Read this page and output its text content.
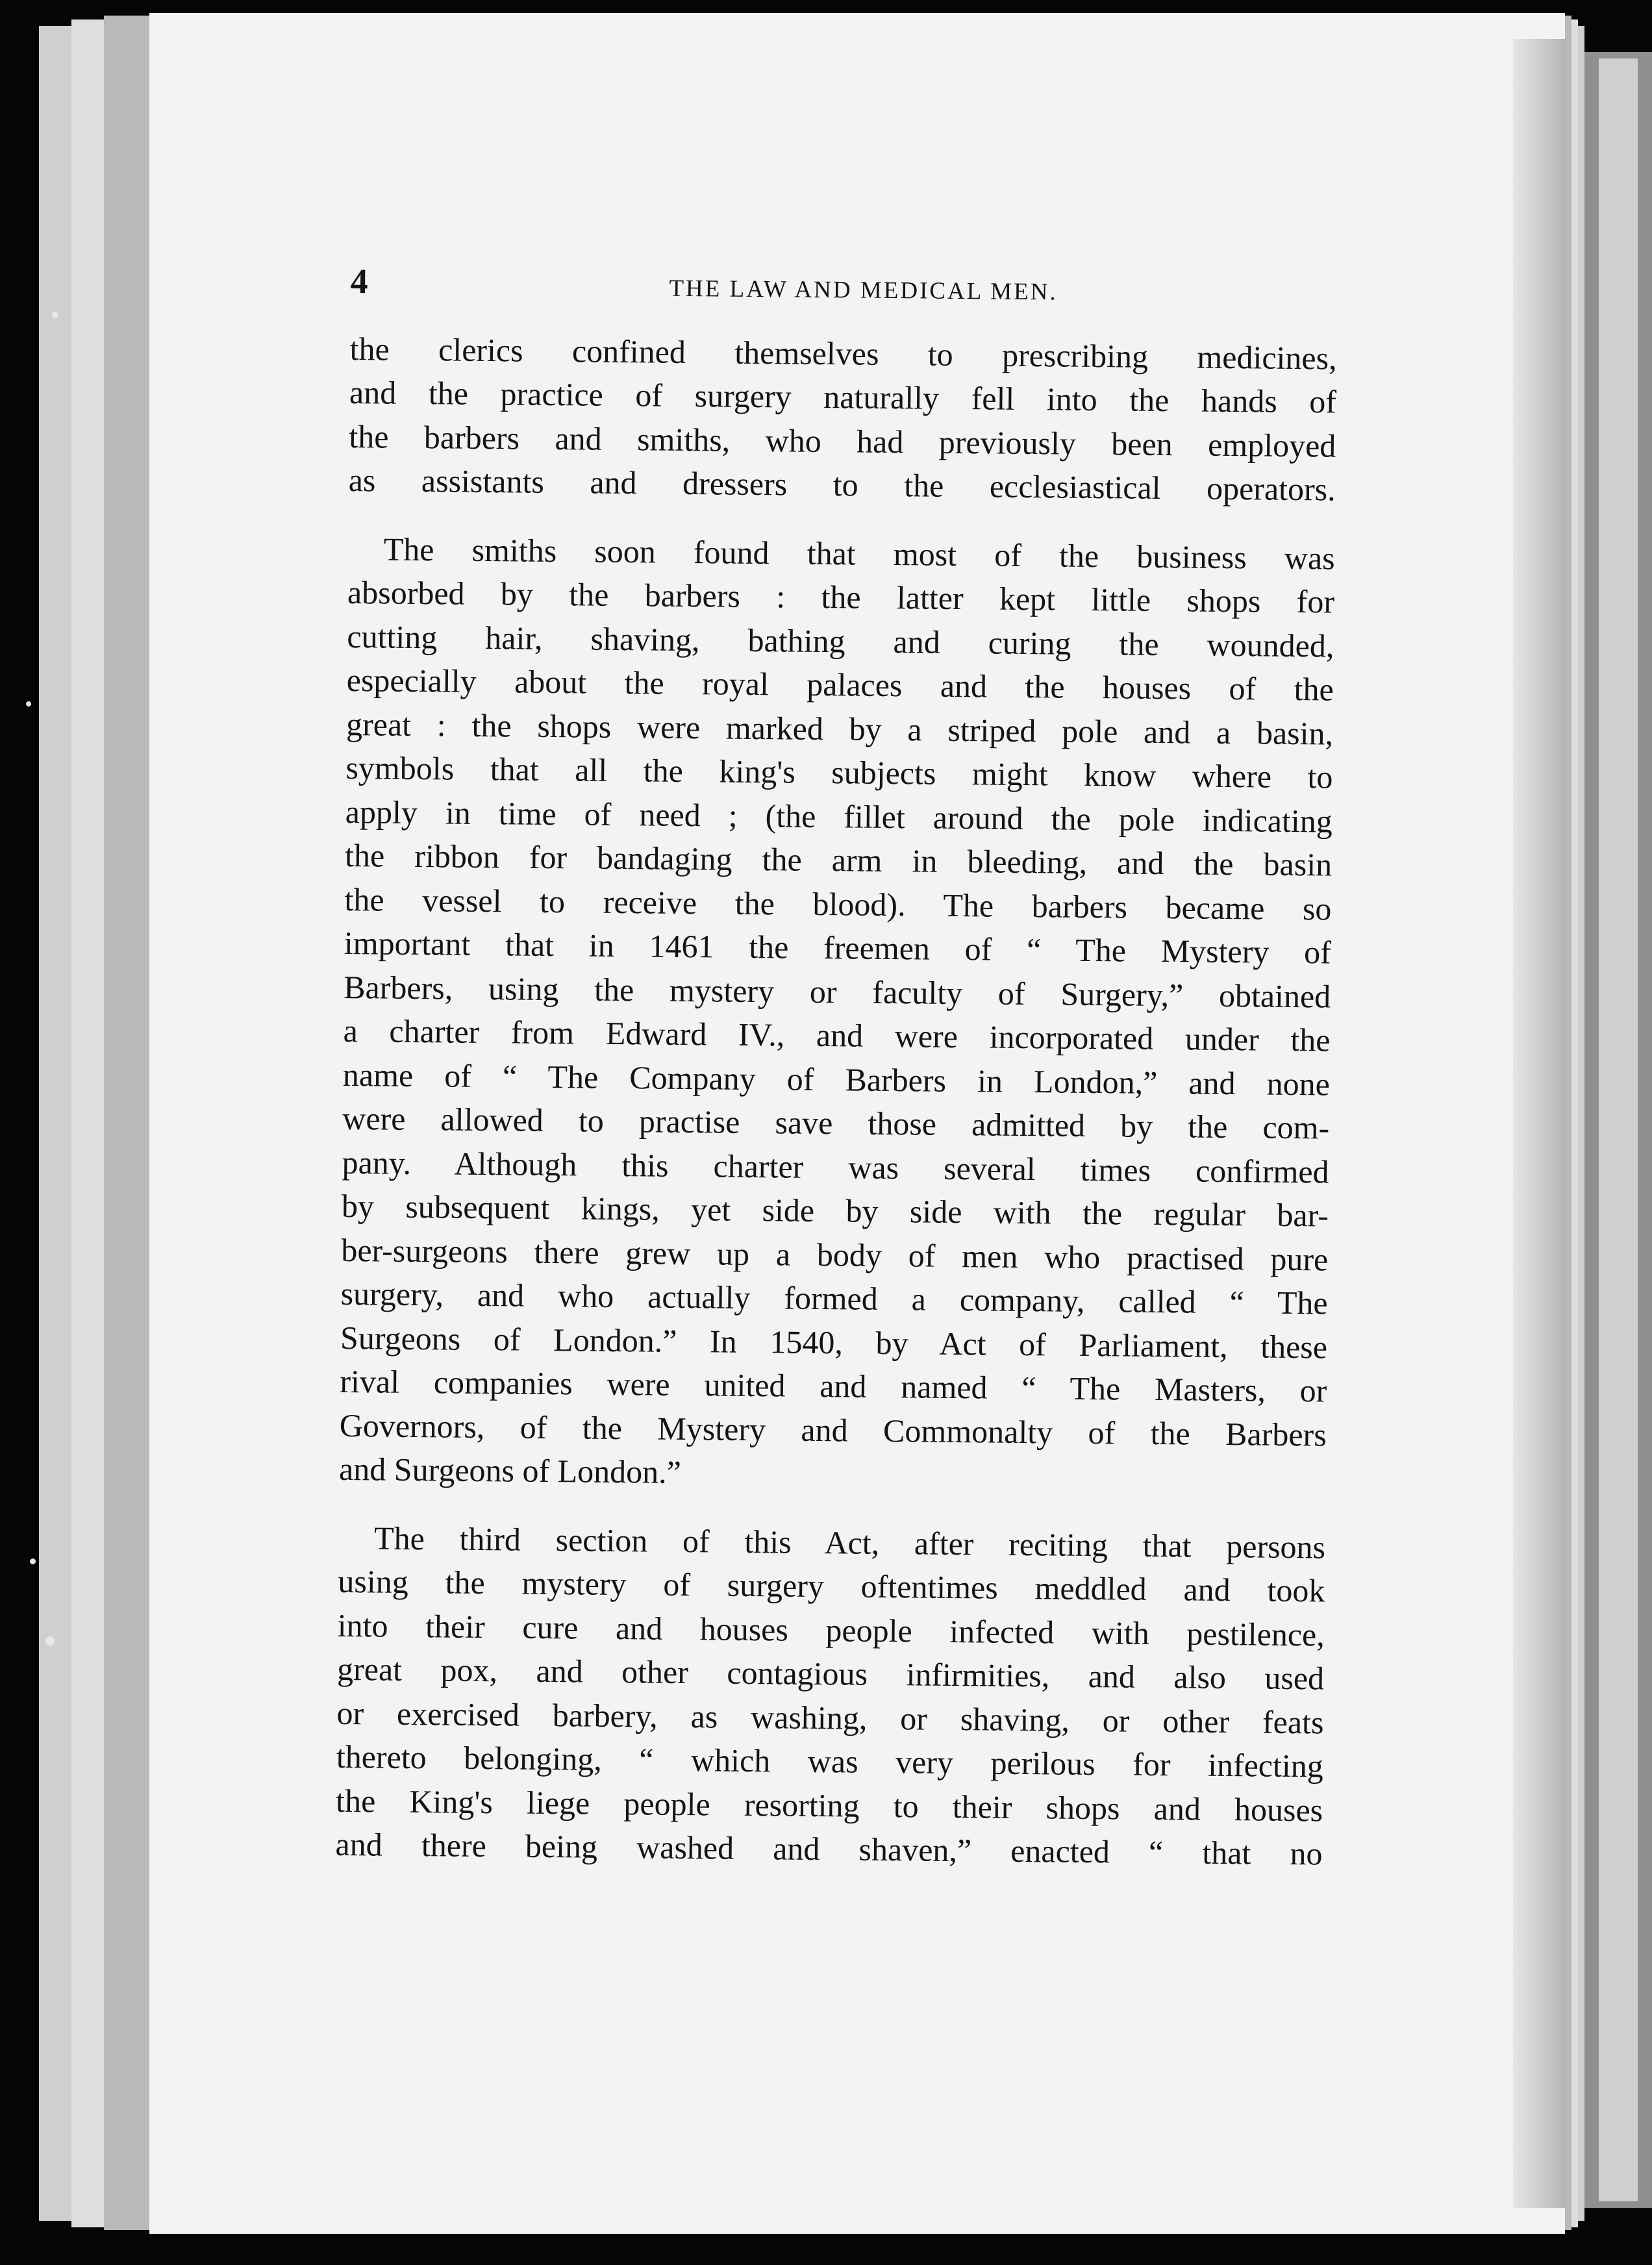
4	THE LAW AND MEDICAL MEN.
the clerics confined themselves to prescribing medicines,
and the practice of surgery naturally fell into the hands of
the barbers and smiths, who had previously been employed
as assistants and dressers to the ecclesiastical operators.
The smiths soon found that most of the business was
absorbed by the barbers : the latter kept little shops for
cutting hair, shaving, bathing and curing the wounded,
especially about the royal palaces and the houses of the
great : the shops were marked by a striped pole and a basin,
symbols that all the king's subjects might know where to
apply in time of need ; (the fillet around the pole indicating
the ribbon for bandaging the arm in bleeding, and the basin
the vessel to receive the blood). The barbers became so
important that in 1461 the freemen of “ The Mystery of
Barbers, using the mystery or faculty of Surgery,” obtained
a charter from Edward IV., and were incorporated under the
name of “ The Company of Barbers in London,” and none
were allowed to practise save those admitted by the com-
pany. Although this charter was several times confirmed
by subsequent kings, yet side by side with the regular bar-
ber-surgeons there grew up a body of men who practised pure
surgery, and who actually formed a company, called “ The
Surgeons of London.” In 1540, by Act of Parliament, these
rival companies were united and named “ The Masters, or
Governors, of the Mystery and Commonalty of the Barbers
and Surgeons of London.”
The third section of this Act, after reciting that persons
using the mystery of surgery oftentimes meddled and took
into their cure and houses people infected with pestilence,
great pox, and other contagious infirmities, and also used
or exercised barbery, as washing, or shaving, or other feats
thereto belonging, “ which was very perilous for infecting
the King's liege people resorting to their shops and houses
and there being washed and shaven,” enacted “ that no
